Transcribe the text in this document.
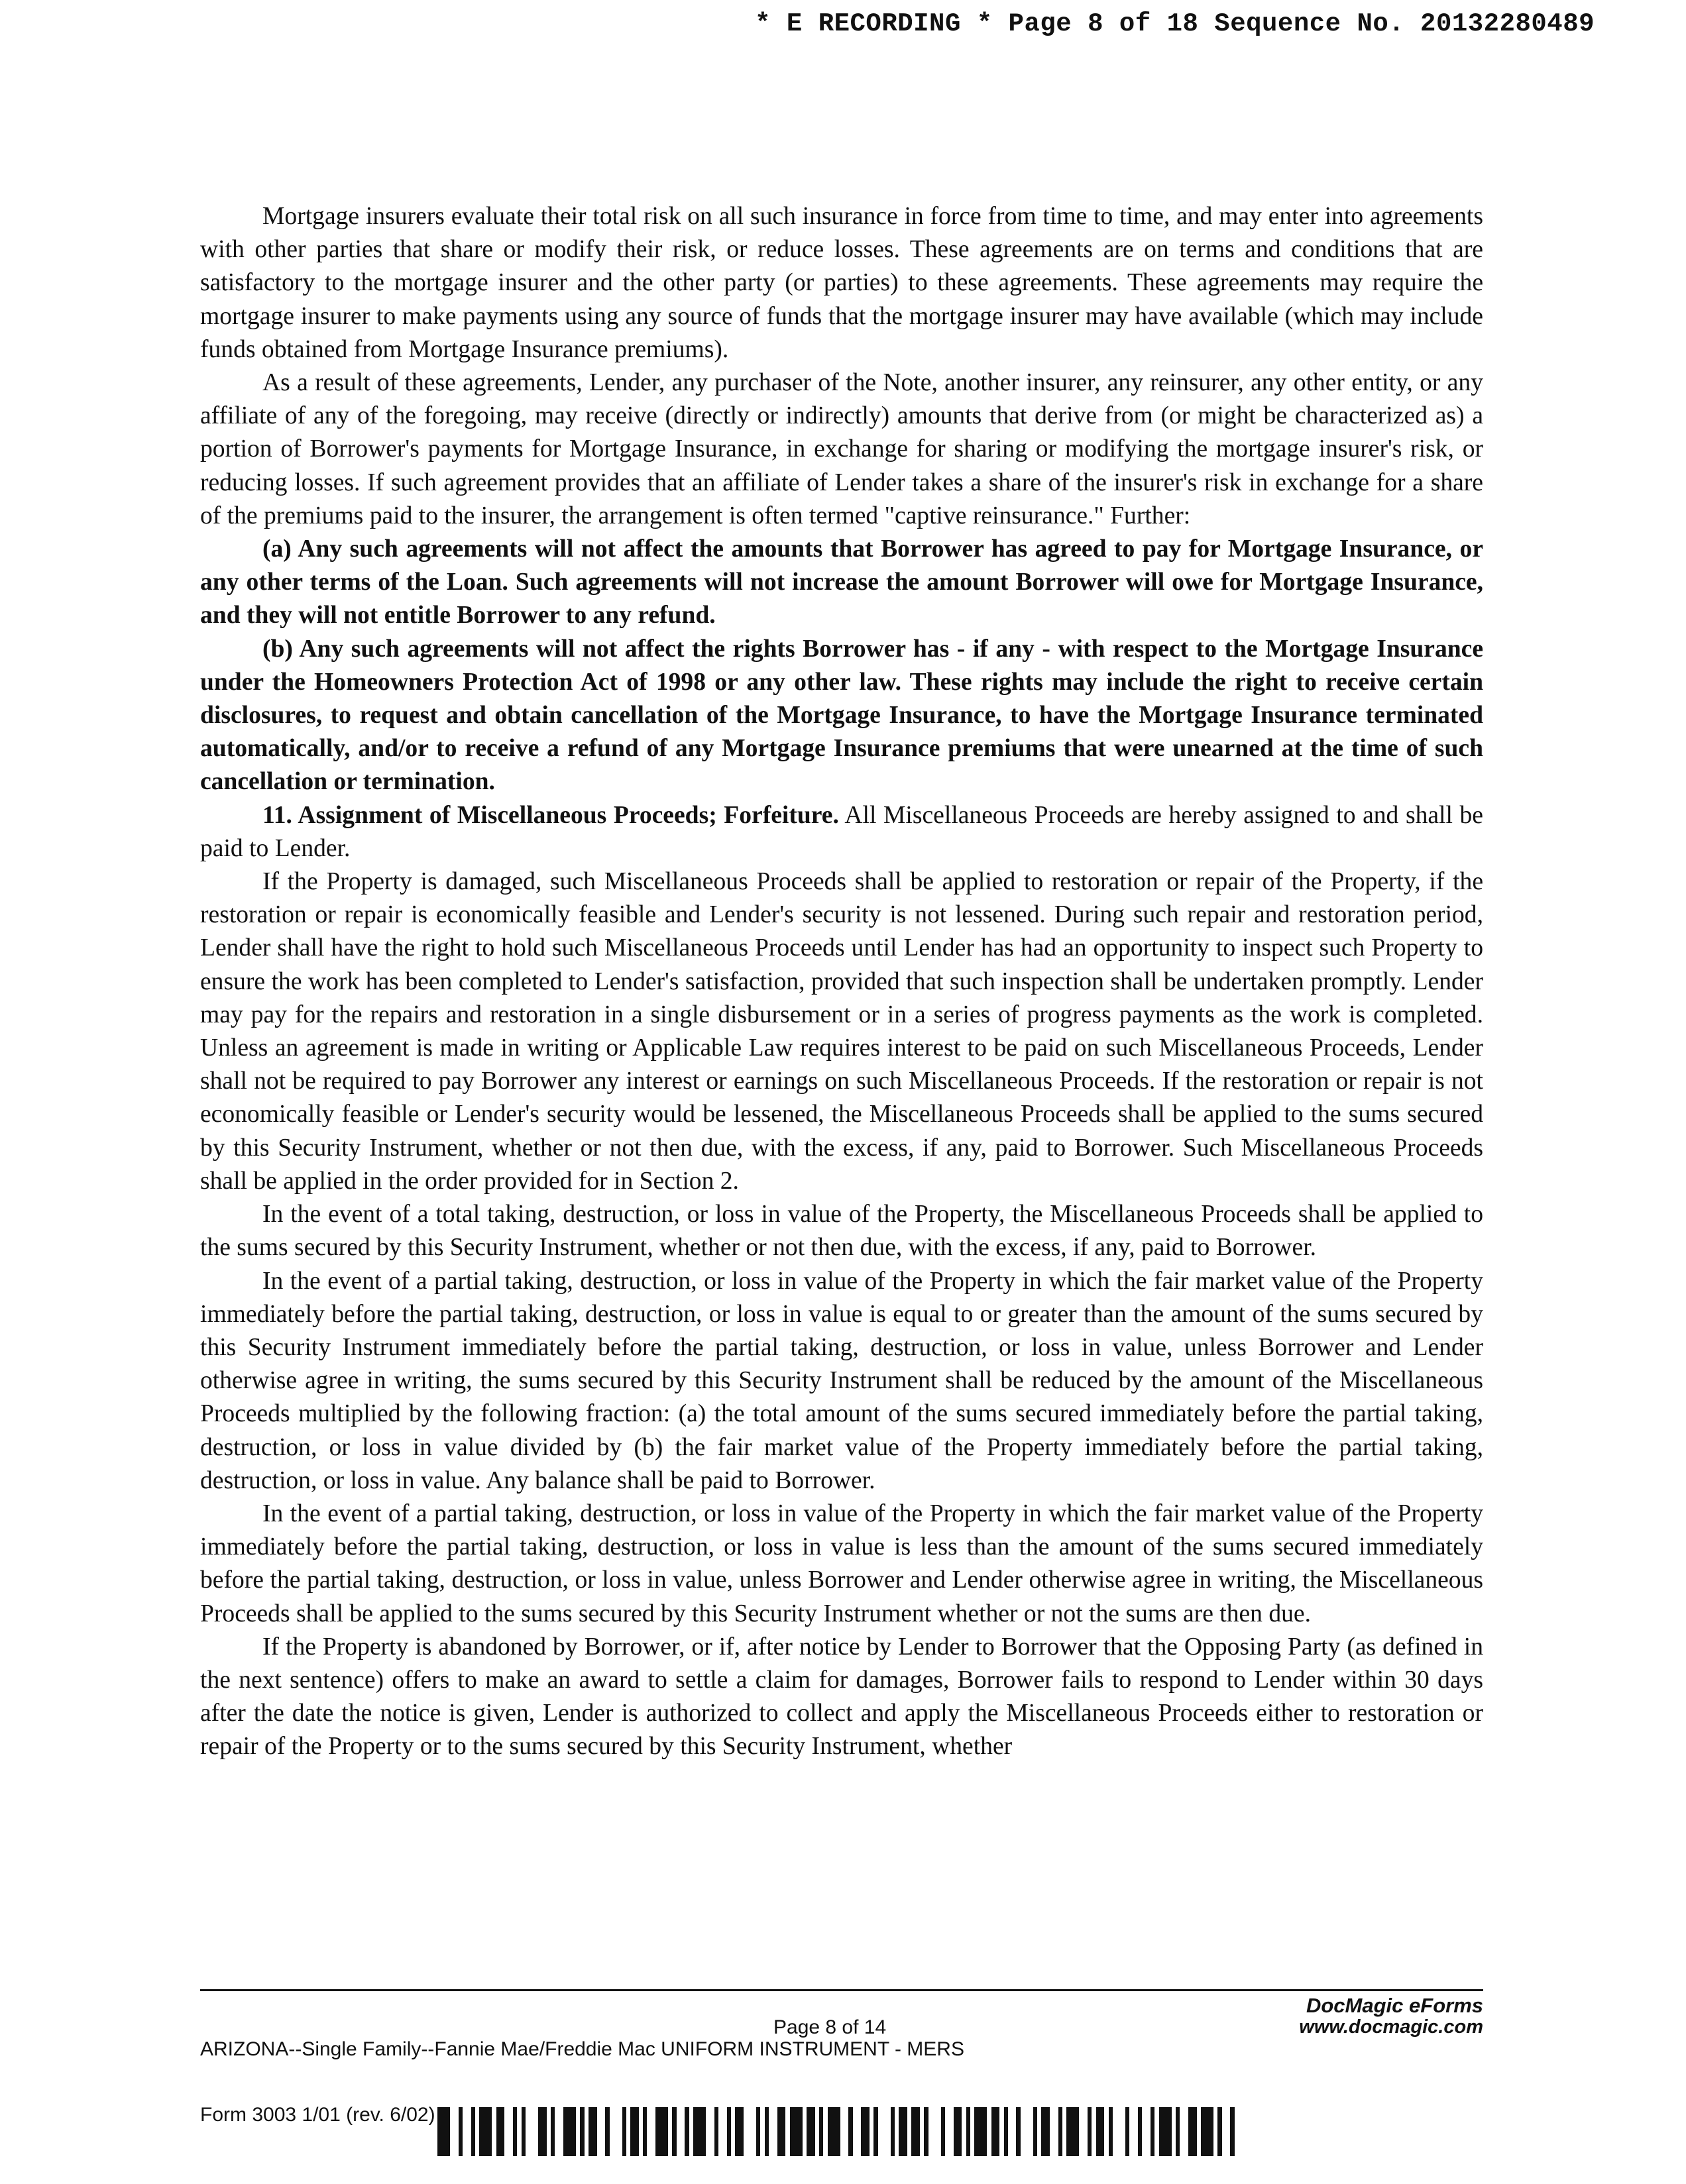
* E RECORDING * Page 8 of 18 Sequence No. 20132280489

Mortgage insurers evaluate their total risk on all such insurance in force from time to time, and may enter into agreements with other parties that share or modify their risk, or reduce losses. These agreements are on terms and conditions that are satisfactory to the mortgage insurer and the other party (or parties) to these agreements. These agreements may require the mortgage insurer to make payments using any source of funds that the mortgage insurer may have available (which may include funds obtained from Mortgage Insurance premiums).

As a result of these agreements, Lender, any purchaser of the Note, another insurer, any reinsurer, any other entity, or any affiliate of any of the foregoing, may receive (directly or indirectly) amounts that derive from (or might be characterized as) a portion of Borrower's payments for Mortgage Insurance, in exchange for sharing or modifying the mortgage insurer's risk, or reducing losses. If such agreement provides that an affiliate of Lender takes a share of the insurer's risk in exchange for a share of the premiums paid to the insurer, the arrangement is often termed "captive reinsurance." Further:

(a) Any such agreements will not affect the amounts that Borrower has agreed to pay for Mortgage Insurance, or any other terms of the Loan. Such agreements will not increase the amount Borrower will owe for Mortgage Insurance, and they will not entitle Borrower to any refund.

(b) Any such agreements will not affect the rights Borrower has - if any - with respect to the Mortgage Insurance under the Homeowners Protection Act of 1998 or any other law. These rights may include the right to receive certain disclosures, to request and obtain cancellation of the Mortgage Insurance, to have the Mortgage Insurance terminated automatically, and/or to receive a refund of any Mortgage Insurance premiums that were unearned at the time of such cancellation or termination.

11. Assignment of Miscellaneous Proceeds; Forfeiture. All Miscellaneous Proceeds are hereby assigned to and shall be paid to Lender.

If the Property is damaged, such Miscellaneous Proceeds shall be applied to restoration or repair of the Property, if the restoration or repair is economically feasible and Lender's security is not lessened. During such repair and restoration period, Lender shall have the right to hold such Miscellaneous Proceeds until Lender has had an opportunity to inspect such Property to ensure the work has been completed to Lender's satisfaction, provided that such inspection shall be undertaken promptly. Lender may pay for the repairs and restoration in a single disbursement or in a series of progress payments as the work is completed. Unless an agreement is made in writing or Applicable Law requires interest to be paid on such Miscellaneous Proceeds, Lender shall not be required to pay Borrower any interest or earnings on such Miscellaneous Proceeds. If the restoration or repair is not economically feasible or Lender's security would be lessened, the Miscellaneous Proceeds shall be applied to the sums secured by this Security Instrument, whether or not then due, with the excess, if any, paid to Borrower. Such Miscellaneous Proceeds shall be applied in the order provided for in Section 2.

In the event of a total taking, destruction, or loss in value of the Property, the Miscellaneous Proceeds shall be applied to the sums secured by this Security Instrument, whether or not then due, with the excess, if any, paid to Borrower.

In the event of a partial taking, destruction, or loss in value of the Property in which the fair market value of the Property immediately before the partial taking, destruction, or loss in value is equal to or greater than the amount of the sums secured by this Security Instrument immediately before the partial taking, destruction, or loss in value, unless Borrower and Lender otherwise agree in writing, the sums secured by this Security Instrument shall be reduced by the amount of the Miscellaneous Proceeds multiplied by the following fraction: (a) the total amount of the sums secured immediately before the partial taking, destruction, or loss in value divided by (b) the fair market value of the Property immediately before the partial taking, destruction, or loss in value. Any balance shall be paid to Borrower.

In the event of a partial taking, destruction, or loss in value of the Property in which the fair market value of the Property immediately before the partial taking, destruction, or loss in value is less than the amount of the sums secured immediately before the partial taking, destruction, or loss in value, unless Borrower and Lender otherwise agree in writing, the Miscellaneous Proceeds shall be applied to the sums secured by this Security Instrument whether or not the sums are then due.

If the Property is abandoned by Borrower, or if, after notice by Lender to Borrower that the Opposing Party (as defined in the next sentence) offers to make an award to settle a claim for damages, Borrower fails to respond to Lender within 30 days after the date the notice is given, Lender is authorized to collect and apply the Miscellaneous Proceeds either to restoration or repair of the Property or to the sums secured by this Security Instrument, whether

ARIZONA--Single Family--Fannie Mae/Freddie Mac UNIFORM INSTRUMENT - MERS

Form 3003 1/01 (rev. 6/02)

Page 8 of 14
DocMagic eForms
www.docmagic.com
